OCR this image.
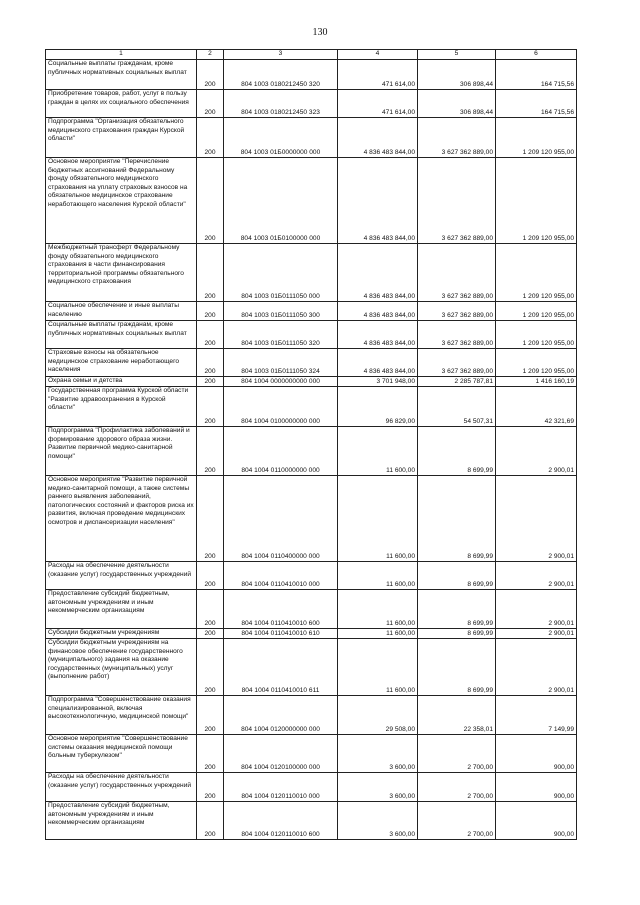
130
1	2	3	4	5	6
Социальные выплаты гражданам, кроме публичных нормативных социальных выплат	200	804 1003 0180212450 320	471 614,00	306 898,44	164 715,56
Приобретение товаров, работ, услуг в пользу граждан в целях их социального обеспечения	200	804 1003 0180212450 323	471 614,00	306 898,44	164 715,56
Подпрограмма "Организация обязательного медицинского страхования граждан Курской области"	200	804 1003 01Б0000000 000	4 836 483 844,00	3 627 362 889,00	1 209 120 955,00
Основное мероприятие "Перечисление бюджетных ассигнований Федеральному фонду обязательного медицинского страхования на уплату страховых взносов на обязательное медицинское страхование неработающего населения Курской области"	200	804 1003 01Б0100000 000	4 836 483 844,00	3 627 362 889,00	1 209 120 955,00
Межбюджетный трансферт Федеральному фонду обязательного медицинского страхования в части финансирования территориальной программы обязательного медицинского страхования	200	804 1003 01Б0111050 000	4 836 483 844,00	3 627 362 889,00	1 209 120 955,00
Социальное обеспечение и иные выплаты населению	200	804 1003 01Б0111050 300	4 836 483 844,00	3 627 362 889,00	1 209 120 955,00
Социальные выплаты гражданам, кроме публичных нормативных социальных выплат	200	804 1003 01Б0111050 320	4 836 483 844,00	3 627 362 889,00	1 209 120 955,00
Страховые взносы на обязательное медицинское страхование неработающего населения	200	804 1003 01Б0111050 324	4 836 483 844,00	3 627 362 889,00	1 209 120 955,00
Охрана семьи и детства	200	804 1004 0000000000 000	3 701 948,00	2 285 787,81	1 416 160,19
Государственная программа Курской области "Развитие здравоохранения в Курской области"	200	804 1004 0100000000 000	96 829,00	54 507,31	42 321,69
Подпрограмма "Профилактика заболеваний и формирование здорового образа жизни. Развитие первичной медико-санитарной помощи"	200	804 1004 0110000000 000	11 600,00	8 699,99	2 900,01
Основное мероприятие "Развитие первичной медико-санитарной помощи, а также системы раннего выявления заболеваний, патологических состояний и факторов риска их развития, включая проведение медицинских осмотров и диспансеризации населения"	200	804 1004 0110400000 000	11 600,00	8 699,99	2 900,01
Расходы на обеспечение деятельности (оказание услуг) государственных учреждений	200	804 1004 0110410010 000	11 600,00	8 699,99	2 900,01
Предоставление субсидий бюджетным, автономным учреждениям и иным некоммерческим организациям	200	804 1004 0110410010 600	11 600,00	8 699,99	2 900,01
Субсидии бюджетным учреждениям	200	804 1004 0110410010 610	11 600,00	8 699,99	2 900,01
Субсидии бюджетным учреждениям на финансовое обеспечение государственного (муниципального) задания на оказание государственных (муниципальных) услуг (выполнение работ)	200	804 1004 0110410010 611	11 600,00	8 699,99	2 900,01
Подпрограмма "Совершенствование оказания специализированной, включая высокотехнологичную, медицинской помощи"	200	804 1004 0120000000 000	29 508,00	22 358,01	7 149,99
Основное мероприятие "Совершенствование системы оказания медицинской помощи больным туберкулезом"	200	804 1004 0120100000 000	3 600,00	2 700,00	900,00
Расходы на обеспечение деятельности (оказание услуг) государственных учреждений	200	804 1004 0120110010 000	3 600,00	2 700,00	900,00
Предоставление субсидий бюджетным, автономным учреждениям и иным некоммерческим организациям	200	804 1004 0120110010 600	3 600,00	2 700,00	900,00
